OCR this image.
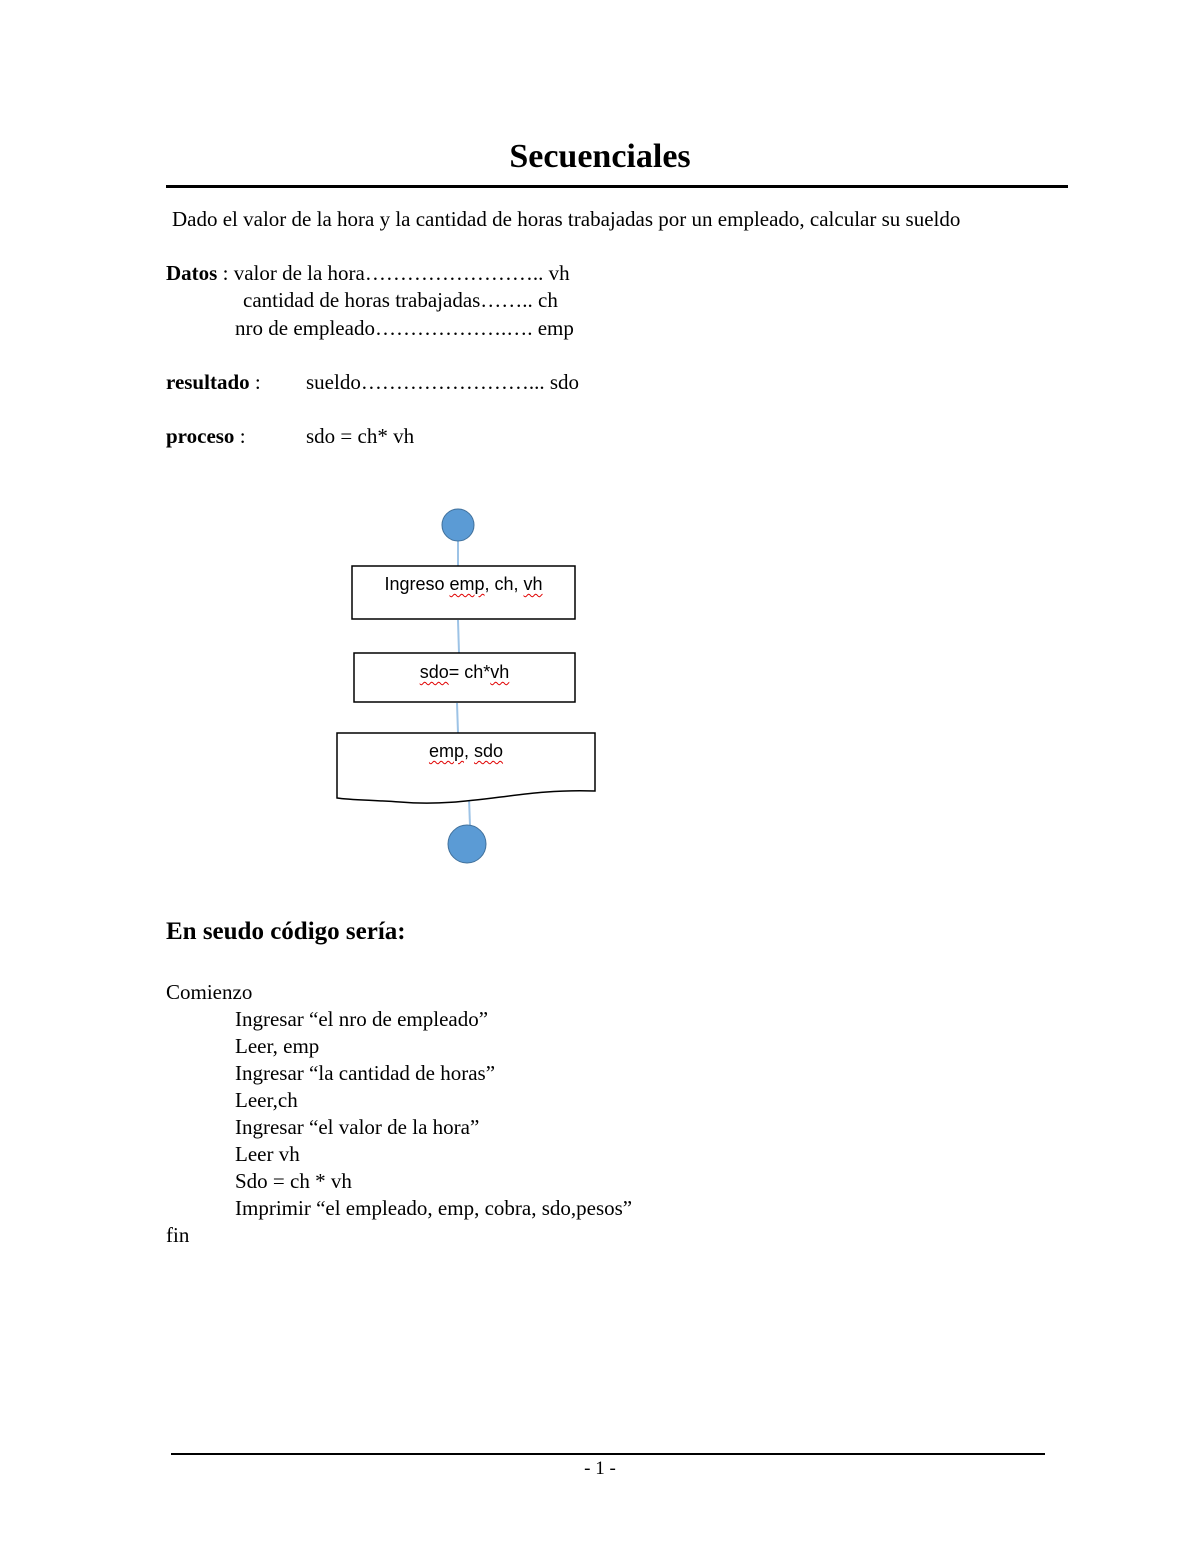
Secuenciales
Dado el valor de la hora y la cantidad de horas trabajadas por un empleado, calcular su sueldo
Datos : valor de la hora…………………….. vh
cantidad de horas trabajadas…….. ch
nro de empleado……………….…. emp
resultado : sueldo……………………... sdo
proceso :	sdo = ch* vh
Ingreso emp, ch, vh
sdo= ch*vh
emp, sdo
En seudo código sería:
Comienzo
Ingresar “el nro de empleado”
Leer, emp
Ingresar “la cantidad de horas”
Leer,ch
Ingresar “el valor de la hora”
Leer vh
Sdo = ch * vh
Imprimir “el empleado, emp, cobra, sdo,pesos”
fin
- 1 -
